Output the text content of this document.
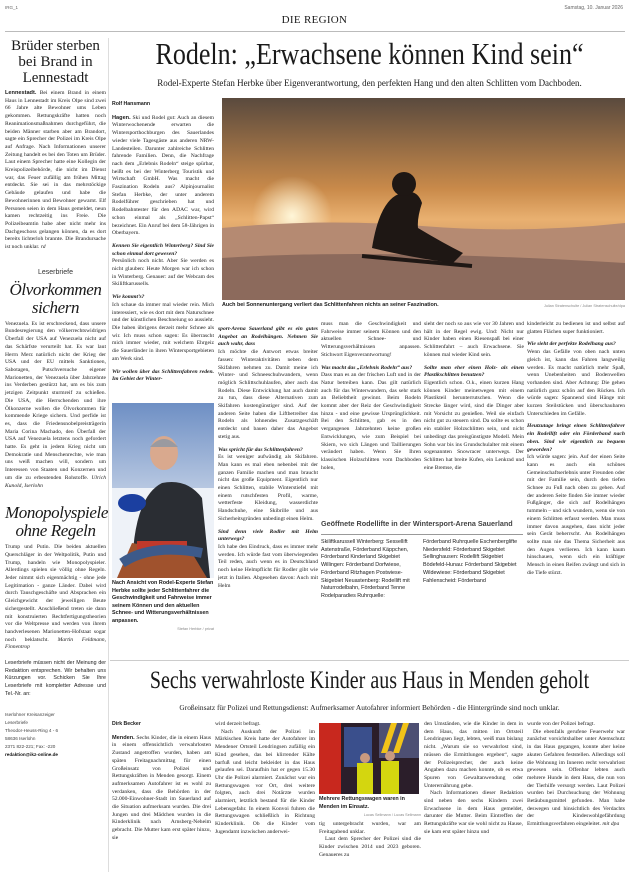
IRG_1	Samstag, 10. Januar 2026
DIE REGION
Brüder sterben bei Brand in Lennestadt

Lennestadt. Bei einem Brand in einem Haus in Lennestadt im Kreis Olpe sind zwei 66 Jahre alte Bewohner ums Leben gekommen. Rettungskräfte hatten noch Reanimationsmaßnahmen durchgeführt, die beiden Männer starben aber am Brandort, sagte ein Sprecher der Polizei im Kreis Olpe auf Anfrage. Nach Informationen unserer Zeitung handelt es bei den Toten um Brüder. Laut einem Sprecher hatte eine Kollegin der Kreispolizeibehörde, die nicht im Dienst war, das Feuer zufällig am frühen Mittag entdeckt. Sie sei in das mehrstöckige Gebäude gelaufen und habe die Bewohnerinnen und Bewohner gewarnt. Elf Personen seien in dem Haus gemeldet, neun kamen rechtzeitig ins Freie. Die Polizeibeamtin habe aber nicht mehr ins Dachgeschoss gelangen können, da es dort bereits lichterloh brannte. Die Brandursache ist noch unklar. rd

Leserbriefe
Ölvorkommen sichern

Venezuela. Es ist erschreckend, dass unsere Bundesregierung den völkerrechtswidrigen Überfall der USA auf Venezuela nicht auf das Schärfste verurteilt hat. Es war laut Herrn Merz natürlich nicht der Krieg der USA und der EU mittels Sanktionen, Sabotagen, Putschversuche eigener Marionetten, der Venezuela über Jahrzehnte ins Verderben gestürzt hat, um es bis zum jetzigen Zeitpunkt sturmreif zu schießen. Die USA, die Herrschenden und ihre Ölkonzerne wollen die Ölvorkommen für kommende Kriege sichern. Und perfide ist es, dass die Friedensnobelpreisträgerin Maria Corina Machado, den Überfall der USA auf Venezuela letztens noch gefordert hatte. Es geht in jedem Krieg nicht um Demokratie und Menschenrechte, wie man uns weiß machen will, sondern um Interessen von Staaten und Konzernen und um die zu erbeutenden Rohstoffe. Ulrich Kunold, Iserlohn

Monopolyspiele ohne Regeln

Trump und Putin. Die beiden aktuellen Querschläger in der Weltpolitik, Putin und Trump, handeln wie Monopolyspieler. Allerdings spielen sie völlig ohne Regeln. Jeder nimmt sich eigenmächtig - ohne jede Legitimation - ganze Länder. Dabei wird durch Tauschgeschäfte und Absprachen ein Gleichgewicht der jeweiligen Beute sichergestellt. Anschließend treten sie dann mit konstruierten Rechtfertigungstheorien vor die Weltpresse und werden von ihrem handverlesenen Marionetten-Hofstaat sogar noch beklatscht. Martin Feldmann, Finnentrop

Leserbriefe müssen nicht der Meinung der Redaktion entsprechen. Wir behalten uns Kürzungen vor. Schicken Sie Ihre Leserbriefe mit kompletter Adresse und Tel.-Nr. an:
Iserlohner Kreisanzeiger
Leserbriefe
Theodor-Heuss-Ring 4 - 6
58636 Iserlohn
2371 822-221; Fax: -220
redaktion@ikz-online.de
Rodeln: „Erwachsene können Kind sein“
Rodel-Experte Stefan Herbke über Eigenverantwortung, den perfekten Hang und den alten Schlitten vom Dachboden.
Auch bei Sonnenuntergang verliert das Schlittenfahren nichts an seiner Faszination.	Julian Stratenschulte / Julian Stratenschulte/dpa

Rolf Hansmann

Hagen. Ski und Rodel gut: Auch an diesem Winterwochenende erwarten die Wintersporthochburgen des Sauerlandes wieder viele Tagesgäste aus anderen NRW-Landesteilen. Darunter zahlreiche Schlitten fahrende Familien. Denn, die Nachfrage nach dem „Erlebnis Rodeln“ steige spürbar, heißt es bei der Winterberg Touristik und Wirtschaft GmbH. Was macht die Faszination Rodeln aus? Alpinjournalist Stefan Herbke, der unter anderem Rodelführer geschrieben hat und Rodelbahntester für den ADAC war, wird schon einmal als „Schlitten-Papst“ bezeichnet. Ein Anruf bei dem 58-Jährigen in Oberbayern.

Kennen Sie eigentlich Winterberg? Sind Sie schon einmal dort gewesen?

Persönlich noch nicht. Aber Sie werden es nicht glauben: Heute Morgen war ich schon in Winterberg. Genauer: auf der Webcam des Skiliftkarussells.

Wie kommt’s?

Ich schaue da immer mal wieder rein. Mich interessiert, wie es dort mit dem Naturschnee und der künstlichen Beschneiung so aussieht. Die haben übrigens derzeit mehr Schnee als wir. Ich muss schon sagen: Es überrascht mich immer wieder, mit welchem Ehrgeiz die Sauerländer in ihren Wintersportgebieten am Werk sind.

Wir wollen über das Schlittenfahren reden. Im Gebiet der Winter-

Nach Ansicht von Rodel-Experte Stefan Herbke sollte jeder Schlittenfahrer die Geschwindigkeit und Fahrweise immer seinem Können und den aktuellen Schnee- und Witterungsverhältnissen anpassen.
Stefan Herbke / privat

sport-Arena Sauerland gibt es ein gutes Angebot an Rodelhängen. Nehmen Sie auch wahr, dass

Ich möchte die Antwort etwas breiter fassen: Winteraktivitäten neben dem Skifahren nehmen zu. Damit meine ich Winter- und Schneeschuhwandern, wenn möglich Schlittschuhlaufen, aber auch das Rodeln. Diese Entwicklung hat auch damit zu tun, dass diese Alternativen zum Skifahren kostengünstiger sind. Auf der anderen Seite haben die Liftbetreiber das Rodeln als lohnendes Zusatzgeschäft entdeckt und bauen daher das Angebot stetig aus.

Was spricht für das Schlittenfahren?

Es ist weniger aufwändig als Skifahren. Man kann es mal eben nebenbei mit der ganzen Familie machen und man braucht nicht das große Equipment. Eigentlich nur einen Schlitten, stabile Winterstiefel mit einem rutschfesten Profil, warme, wetterfeste Kleidung, wasserdichte Handschuhe, eine Skibrille und aus Sicherheitsgründen unbedingt einen Helm.

Sind denn viele Rodler mit Helm unterwegs?

Ich habe den Eindruck, dass es immer mehr werden. Ich würde fast vom überwiegenden Teil reden, auch wenn es in Deutschland noch keine Helmpflicht für Rodler gibt wie jetzt in Italien. Abgesehen davon: Auch mit Helm

muss man die Geschwindigkeit und Fahrweise immer seinem Können und den aktuellen Schnee- und Witterungsverhältnissen anpassen. Stichwort Eigenverantwortung!

Was macht das „Erlebnis Rodeln“ aus?

Dass man es an der frischen Luft und in der Natur betreiben kann. Das gilt natürlich auch für das Winterwandern, das sehr stark an Beliebtheit gewinnt. Beim Rodeln kommt aber der Reiz der Geschwindigkeit hinzu - und eine gewisse Ursprünglichkeit. Bei den Schlitten, gab es in den vergangenen Jahrzehnten keine großen Entwicklungen, wie zum Beispiel bei Skiern, wo sich Längen und Taillierungen verändert haben. Wenn Sie Ihren klassischen Holzschlitten vom Dachboden holen,

sieht der noch so aus wie vor 30 Jahren und hält in der Regel ewig. Und: Nicht nur Kinder haben einen Riesenspaß bei einer Schlittenfahrt – auch Erwachsene. Sie können mal wieder Kind sein.

Sollte man eher einen Holz- als einen Plastikschlitten benutzen?

Eigentlich schon. O.k., einen kurzen Hang können Kinder meinetwegen mit einem Plastikteil herunterrutschen. Wenn die Strecke länger wird, sind die Dinger aber mit Vorsicht zu genießen. Weil sie einfach nicht gut zu steuern sind. Da sollte es schon ein stabiler Holzschlitten sein, und nicht unbedingt das preisgünstigste Modell. Mein Sohn war bis ins Grundschulalter mit einem sogenannten Snowracer unterwegs. Der Schlitten hat breite Kufen, ein Lenkrad und eine Bremse, die

kinderleicht zu bedienen ist und selbst auf glatten Flächen super funktioniert.

Wie sieht der perfekte Rodelhang aus?

Wenn das Gefälle von oben nach unten gleich ist, kann das Fahren langweilig werden. Es macht natürlich mehr Spaß, wenn Unebenheiten und Bodenwellen vorhanden sind. Aber Achtung: Die gehen natürlich ganz schön auf den Rücken. Ich würde sagen: Spannend sind Hänge mit kurzen Steilstücken und überschaubaren Unterschieden im Gefälle.

Heutzutage bringt einen Schlittenfahrer ein Rodellift oder ein Förderband nach oben. Sind wir eigentlich zu bequem geworden?

Ich würde sagen: jein. Auf der einen Seite kann es auch ein schönes Gemeinschaftserlebnis unter Freunden oder mit der Familie sein, durch den tiefen Schnee zu Fuß nach oben zu gehen. Auf der anderen Seite finden Sie immer wieder Fußgänger, die sich auf Rodelhängen tummeln – und sich wundern, wenn sie von einem Schlitten erfasst werden. Man muss immer davon ausgehen, dass nicht jeder sein Gerät beherrscht. An Rodelhängen sollte man nie das Thema Sicherheit aus den Augen verlieren. Ich kann kaum hinschauen, wenn sich ein kräftiger Mensch in einen Reifen zwängt und sich in die Tiefe stürzt.

Geöffnete Rodellifte in der Wintersport-Arena Sauerland
Skiliftkarussell Winterberg: Sessellift Astenstraße, Förderband Käppchen, Förderband Kinderland Skigebiet Willingen: Förderband Dorfwiese, Förderband Ritzhagen Postwiese-Skigebiet Neuastenberg: Rodellift mit Naturrodelbahn, Förderband Tenne Rodelparadies Ruhrquelle:
Förderband Ruhrquelle Eschenberglifte Niedersfeld: Förderband Skigebiet Sellinghausen: Rodellift Skigebiet Bödefeld-Hunau: Förderband Skigebiet Wildewiese: Förderband Skigebiet Fahlenscheid: Förderband
Sechs verwahrloste Kinder aus Haus in Menden geholt
Großeinsatz für Polizei und Rettungsdienst: Aufmerksamer Autofahrer informiert Behörden - die Hintergründe sind noch unklar.

Dirk Becker

Menden. Sechs Kinder, die in einem Haus in einem offensichtlich verwahrlosten Zustand angetroffen wurden, haben am späten Freitagnachmittag für einen Großeinsatz von Polizei und Rettungskräften in Menden gesorgt. Einem aufmerksamen Autofahrer ist es wohl zu verdanken, dass die Behörden in der 52.000-Einwohner-Stadt im Sauerland auf die Situation aufmerksam wurden. Die drei Jungen und drei Mädchen wurden in die Kinderklinik nach Arnsberg-Neheim gebracht. Die Mutter kam erst später hinzu, sie

wird derzeit befragt.

Nach Auskunft der Polizei im Märkischen Kreis hatte der Autofahrer im Mendener Ortsteil Lendringsen zufällig ein Kind gesehen, das bei klirrender Kälte barfuß und leicht bekleidet in das Haus gelaufen sei. Daraufhin hat er gegen 15.30 Uhr die Polizei alarmiert. Zunächst war ein Rettungswagen vor Ort, drei weitere folgten, auch drei Notärzte wurden alarmiert, letztlich bestand für die Kinder Lebensgefahr. In einem Konvoi fuhren die Rettungswagen schließlich in Richtung Kinderklinik. Ob die Kinder vom Jugendamt inzwischen anderwei-

Mehrere Rettungswagen waren in Menden im Einsatz.
Lucas Sellmann / Lucas Sellmann

tig untergebracht wurden, war am Freitagabend unklar.

Laut dem Sprecher der Polizei sind die Kinder zwischen 2014 und 2023 geboren. Genaueres zu

den Umständen, wie die Kinder in dem in dem Haus, das mitten im Ortsteil Lendringsen liegt, lebten, weiß man bislang nicht. „Warum sie so verwahrlost sind, müssen die Ermittlungen ergeben“, sagte der Polizeisprecher, der auch keine Angaben dazu machen konnte, ob es etwa Spuren von Gewaltanwendung oder Unterernährung gebe.

Nach Informationen dieser Redaktion sind neben den sechs Kindern zwei Erwachsene in dem Haus gemeldet, darunter die Mutter. Beim Eintreffen der Rettungskräfte war sie wohl nicht zu Hause, sie kam erst später hinzu und

wurde von der Polizei befragt.

Die ebenfalls gerufene Feuerwehr war zunächst vorsichtshalber unter Atemschutz in das Haus gegangen, konnte aber keine akuten Gefahren feststellen. Allerdings soll die Wohnung im Inneren recht verwahrlost gewesen sein. Offenbar lebten auch mehrere Hunde in dem Haus, die nun von der Tierhilfe versorgt werden. Laut Polizei wurden bei Durchsuchung der Wohnung Betäubungsmittel gefunden. Man habe deswegen und hinsichtlich des Verdachts der Kindeswohlgefährdung Ermittlungsverfahren eingeleitet. mit dpa
